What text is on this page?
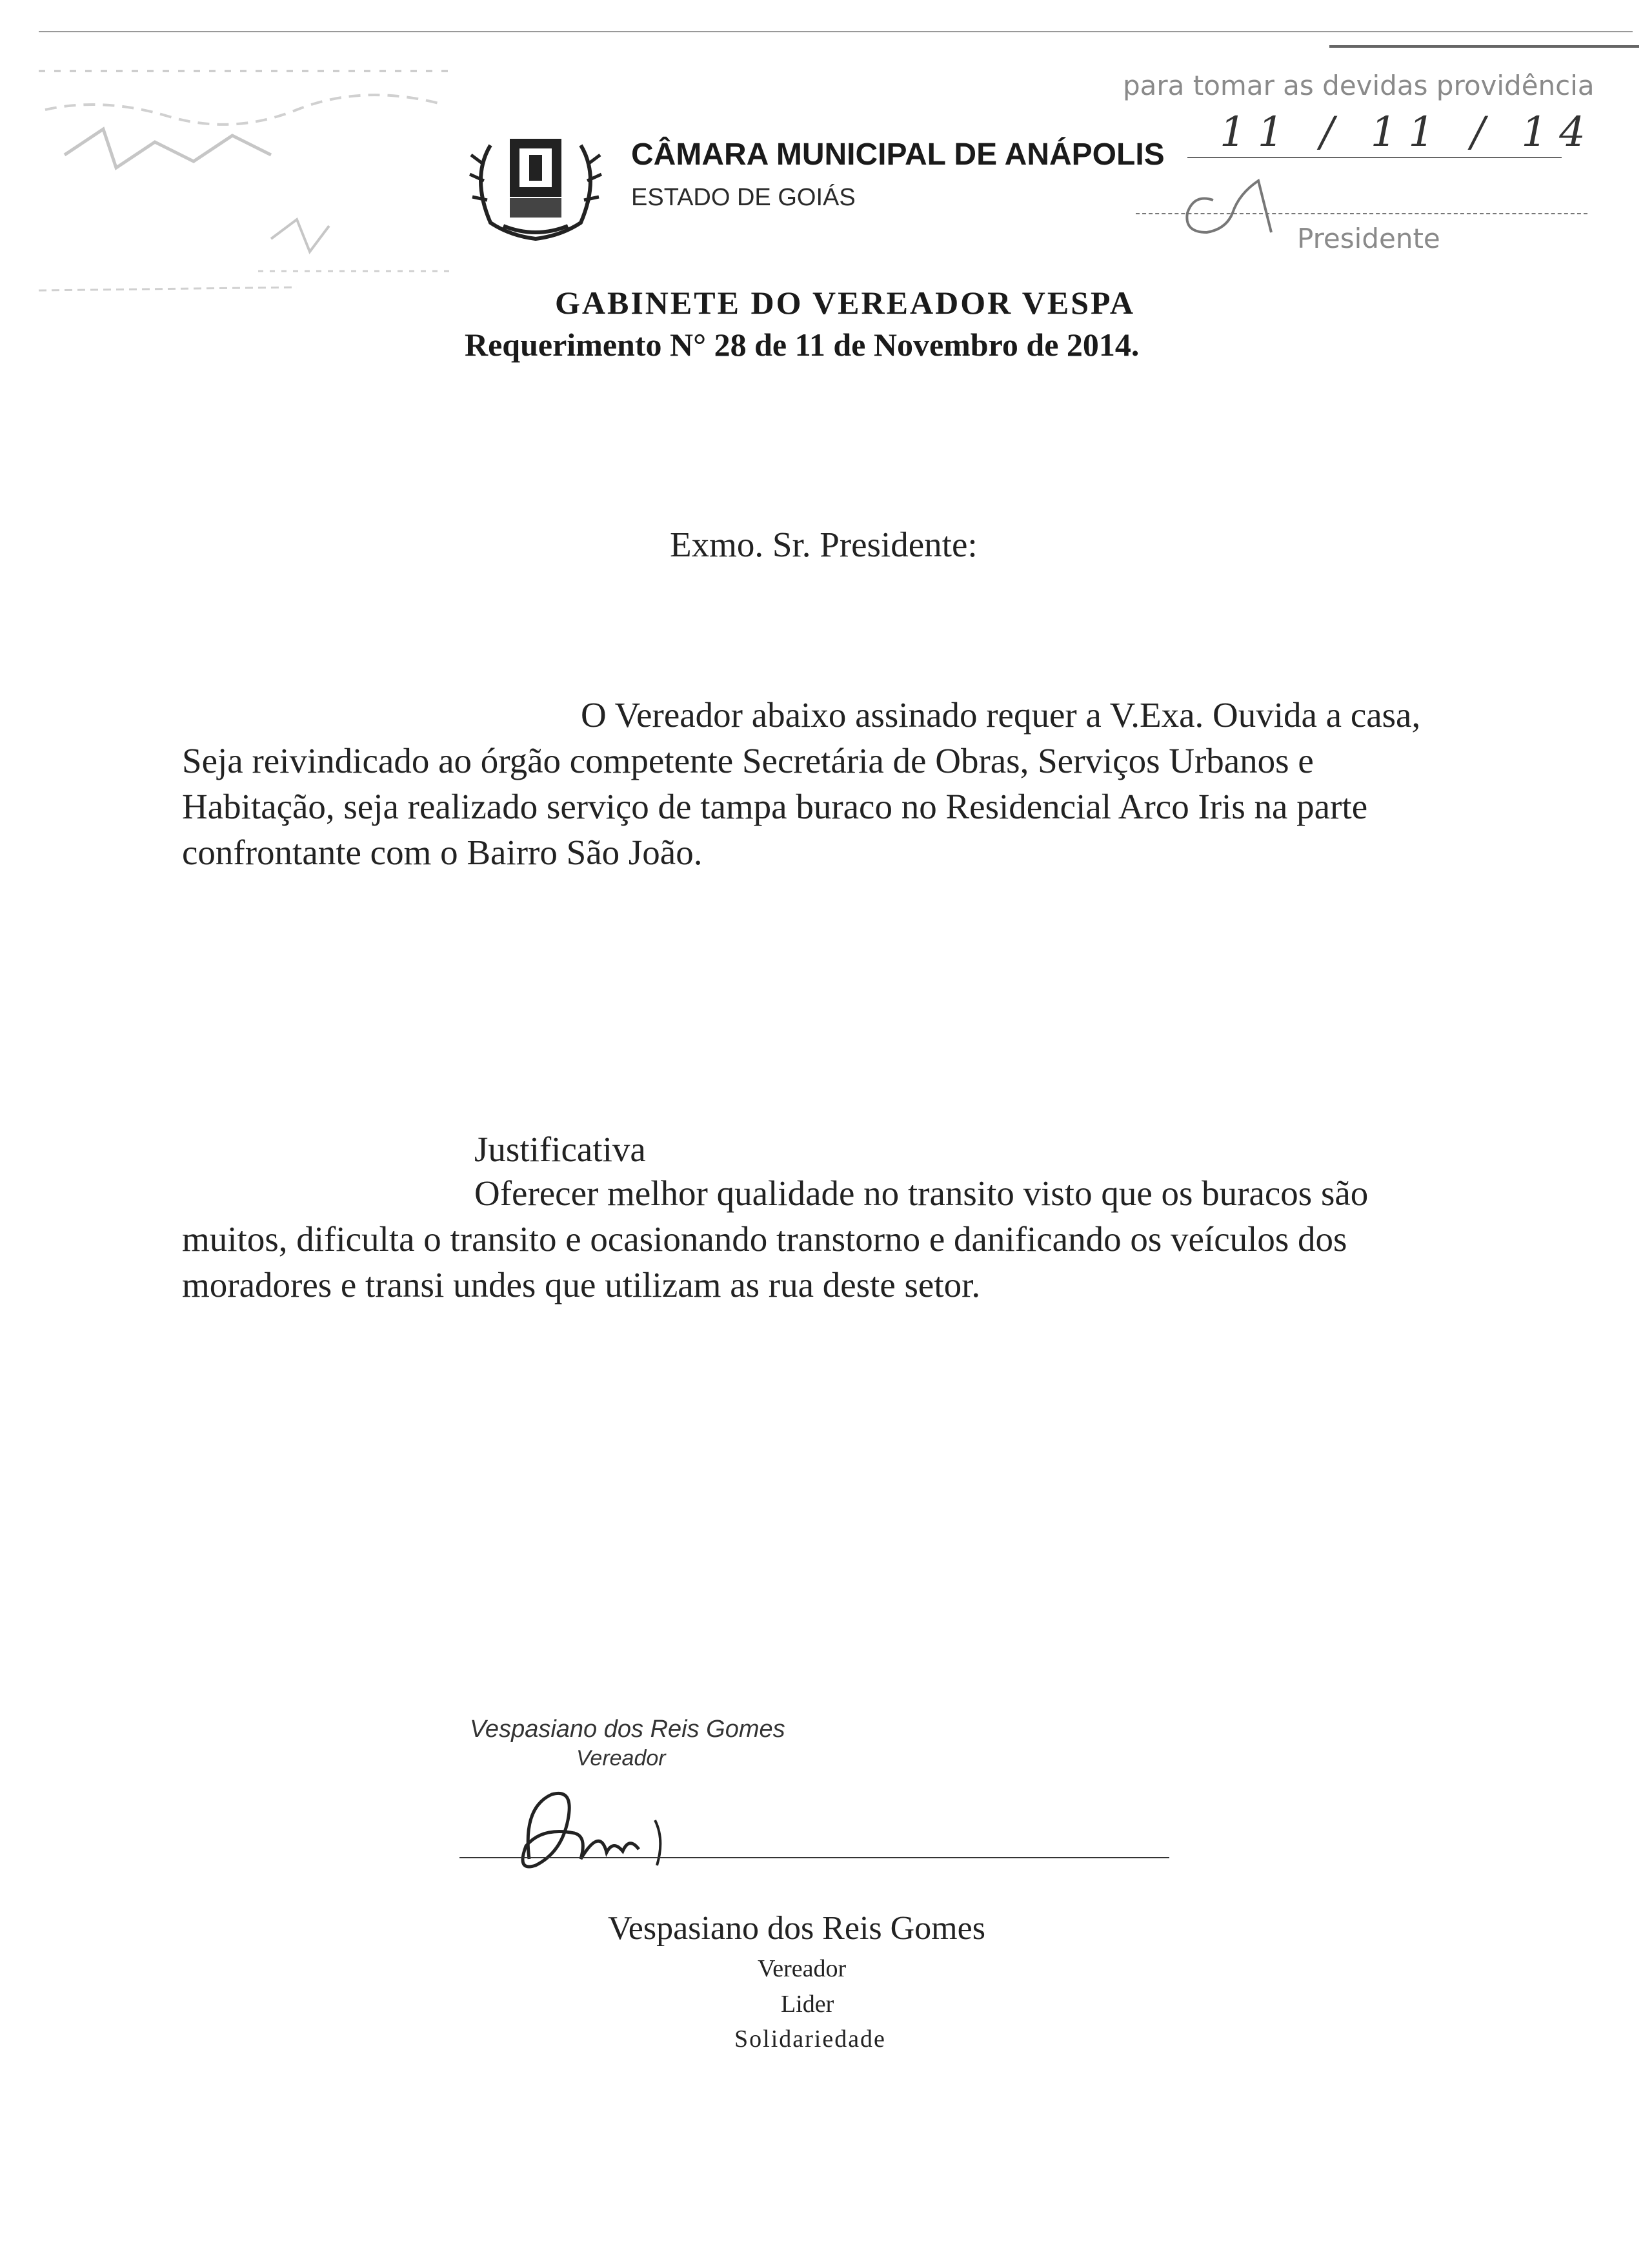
CÂMARA MUNICIPAL DE ANÁPOLIS
ESTADO DE GOIÁS
para tomar as devidas providência
11 / 11 / 14
Presidente
GABINETE DO VEREADOR VESPA
Requerimento N° 28 de 11 de Novembro de 2014.
Exmo. Sr. Presidente:
O Vereador abaixo assinado requer a V.Exa. Ouvida a casa,
Seja reivindicado ao órgão competente Secretária de Obras, Serviços Urbanos e
Habitação, seja realizado serviço de tampa buraco no Residencial Arco Iris na parte
confrontante com o Bairro São João.
Justificativa
Oferecer melhor qualidade no transito visto que os buracos são
muitos, dificulta o transito e ocasionando transtorno e danificando os veículos dos
moradores e transi undes que utilizam as rua deste setor.
Vespasiano dos Reis Gomes
Vereador
Vespasiano dos Reis Gomes
Vereador
Lider
Solidariedade
